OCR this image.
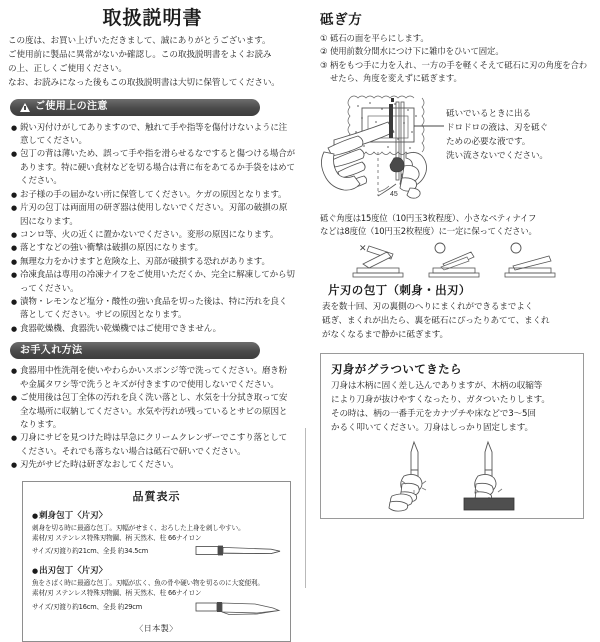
取扱説明書

この度は、お買い上げいただきまして、誠にありがとうございます。

ご使用前に製品に異常がないか確認し。この取扱説明書をよくお読み

の上、正しくご使用ください。

なお、お読みになった後もこの取扱説明書は大切に保管してください。

ご使用上の注意
● 鋭い刃付けがしてありますので、触れて手や指等を傷付けないように注意してください。
● 包丁の背は薄いため、誤って手や指を滑らせるなですると傷つける場合があります。特に硬い食材などを切る場合は背に布をあてるか手袋をはめてください。
● お子様の手の届かない所に保管してください。ケガの原因となります。
● 片刃の包丁は両面用の研ぎ器は使用しないでください。刃部の破損の原因になります。
● コンロ等、火の近くに置かないでください。変形の原因になります。
● 落とすなどの強い衝撃は破損の原因になります。
● 無理な力をかけますと危険な上、刃部が破損する恐れがあります。
● 冷凍食品は専用の冷凍ナイフをご使用いただくか、完全に解凍してから切ってください。
● 漬物・レモンなど塩分・酸性の強い食品を切った後は、特に汚れを良く落としてください。サビの原因となります。
● 食器乾燥機、食器洗い乾燥機ではご使用できません。
お手入れ方法
● 食器用中性洗剤を使いやわらかいスポンジ等で洗ってください。磨き粉や金属タワシ等で洗うとキズが付きますので使用しないでください。
● ご使用後は包丁全体の汚れを良く洗い落とし、水気を十分拭き取って安全な場所に収納してください。水気や汚れが残っているとサビの原因となります。
● 刀身にサビを見つけた時は早急にクリームクレンザーでこすり落としてください。それでも落ちない場合は砥石で研いでください。
● 刃先がサビた時は研ぎなおしてください。
品質表示
● 刺身包丁〈片刃〉
刺身を切る時に最適な包丁。刃幅がせまく、おろした上身を刺しやすい。
素材/刃 ステンレス特殊刃物鋼、柄 天然木、柱 66ナイロン
サイズ/刃渡り約21cm、全長 約34.5cm
● 出刃包丁〈片刃〉
魚をさばく時に最適な包丁。刃幅が広く、魚の骨や硬い物を切るのに大変便利。
素材/刃 ステンレス特殊刃物鋼、柄 天然木、柱 66ナイロン
サイズ/刃渡り約16cm、全長 約29cm
〈日本製〉
砥ぎ方
① 砥石の面を平らにします。
② 使用前数分間水につけ下に雑巾をひいて固定。
③ 柄をもつ手に力を入れ、一方の手を軽くそえて砥石に刃の角度を合わせたら、角度を変えずに砥ぎます。
45

砥いでいるときに出る

ドロドロの液は、刃を砥ぐ

ための必要な液です。

洗い流さないでください。

砥ぐ角度は15度位（10円玉3枚程度）、小さなペティナイフ

などは8度位（10円玉2枚程度）に一定に保ってください。

✕
片刃の包丁（刺身・出刃）

表を数十回、刃の裏側のへりにまくれができるまでよく

砥ぎ、まくれが出たら、裏を砥石にぴったりあてて、まくれ

がなくなるまで静かに砥ぎます。

刃身がグラついてきたら

刀身は木柄に固く差し込んでありますが、木柄の収縮等

により刀身が抜けやすくなったり、ガタついたりします。

その時は、柄の一番手元をカナヅチや床などで3〜5回

かるく叩いてください。刀身はしっかり固定します。
